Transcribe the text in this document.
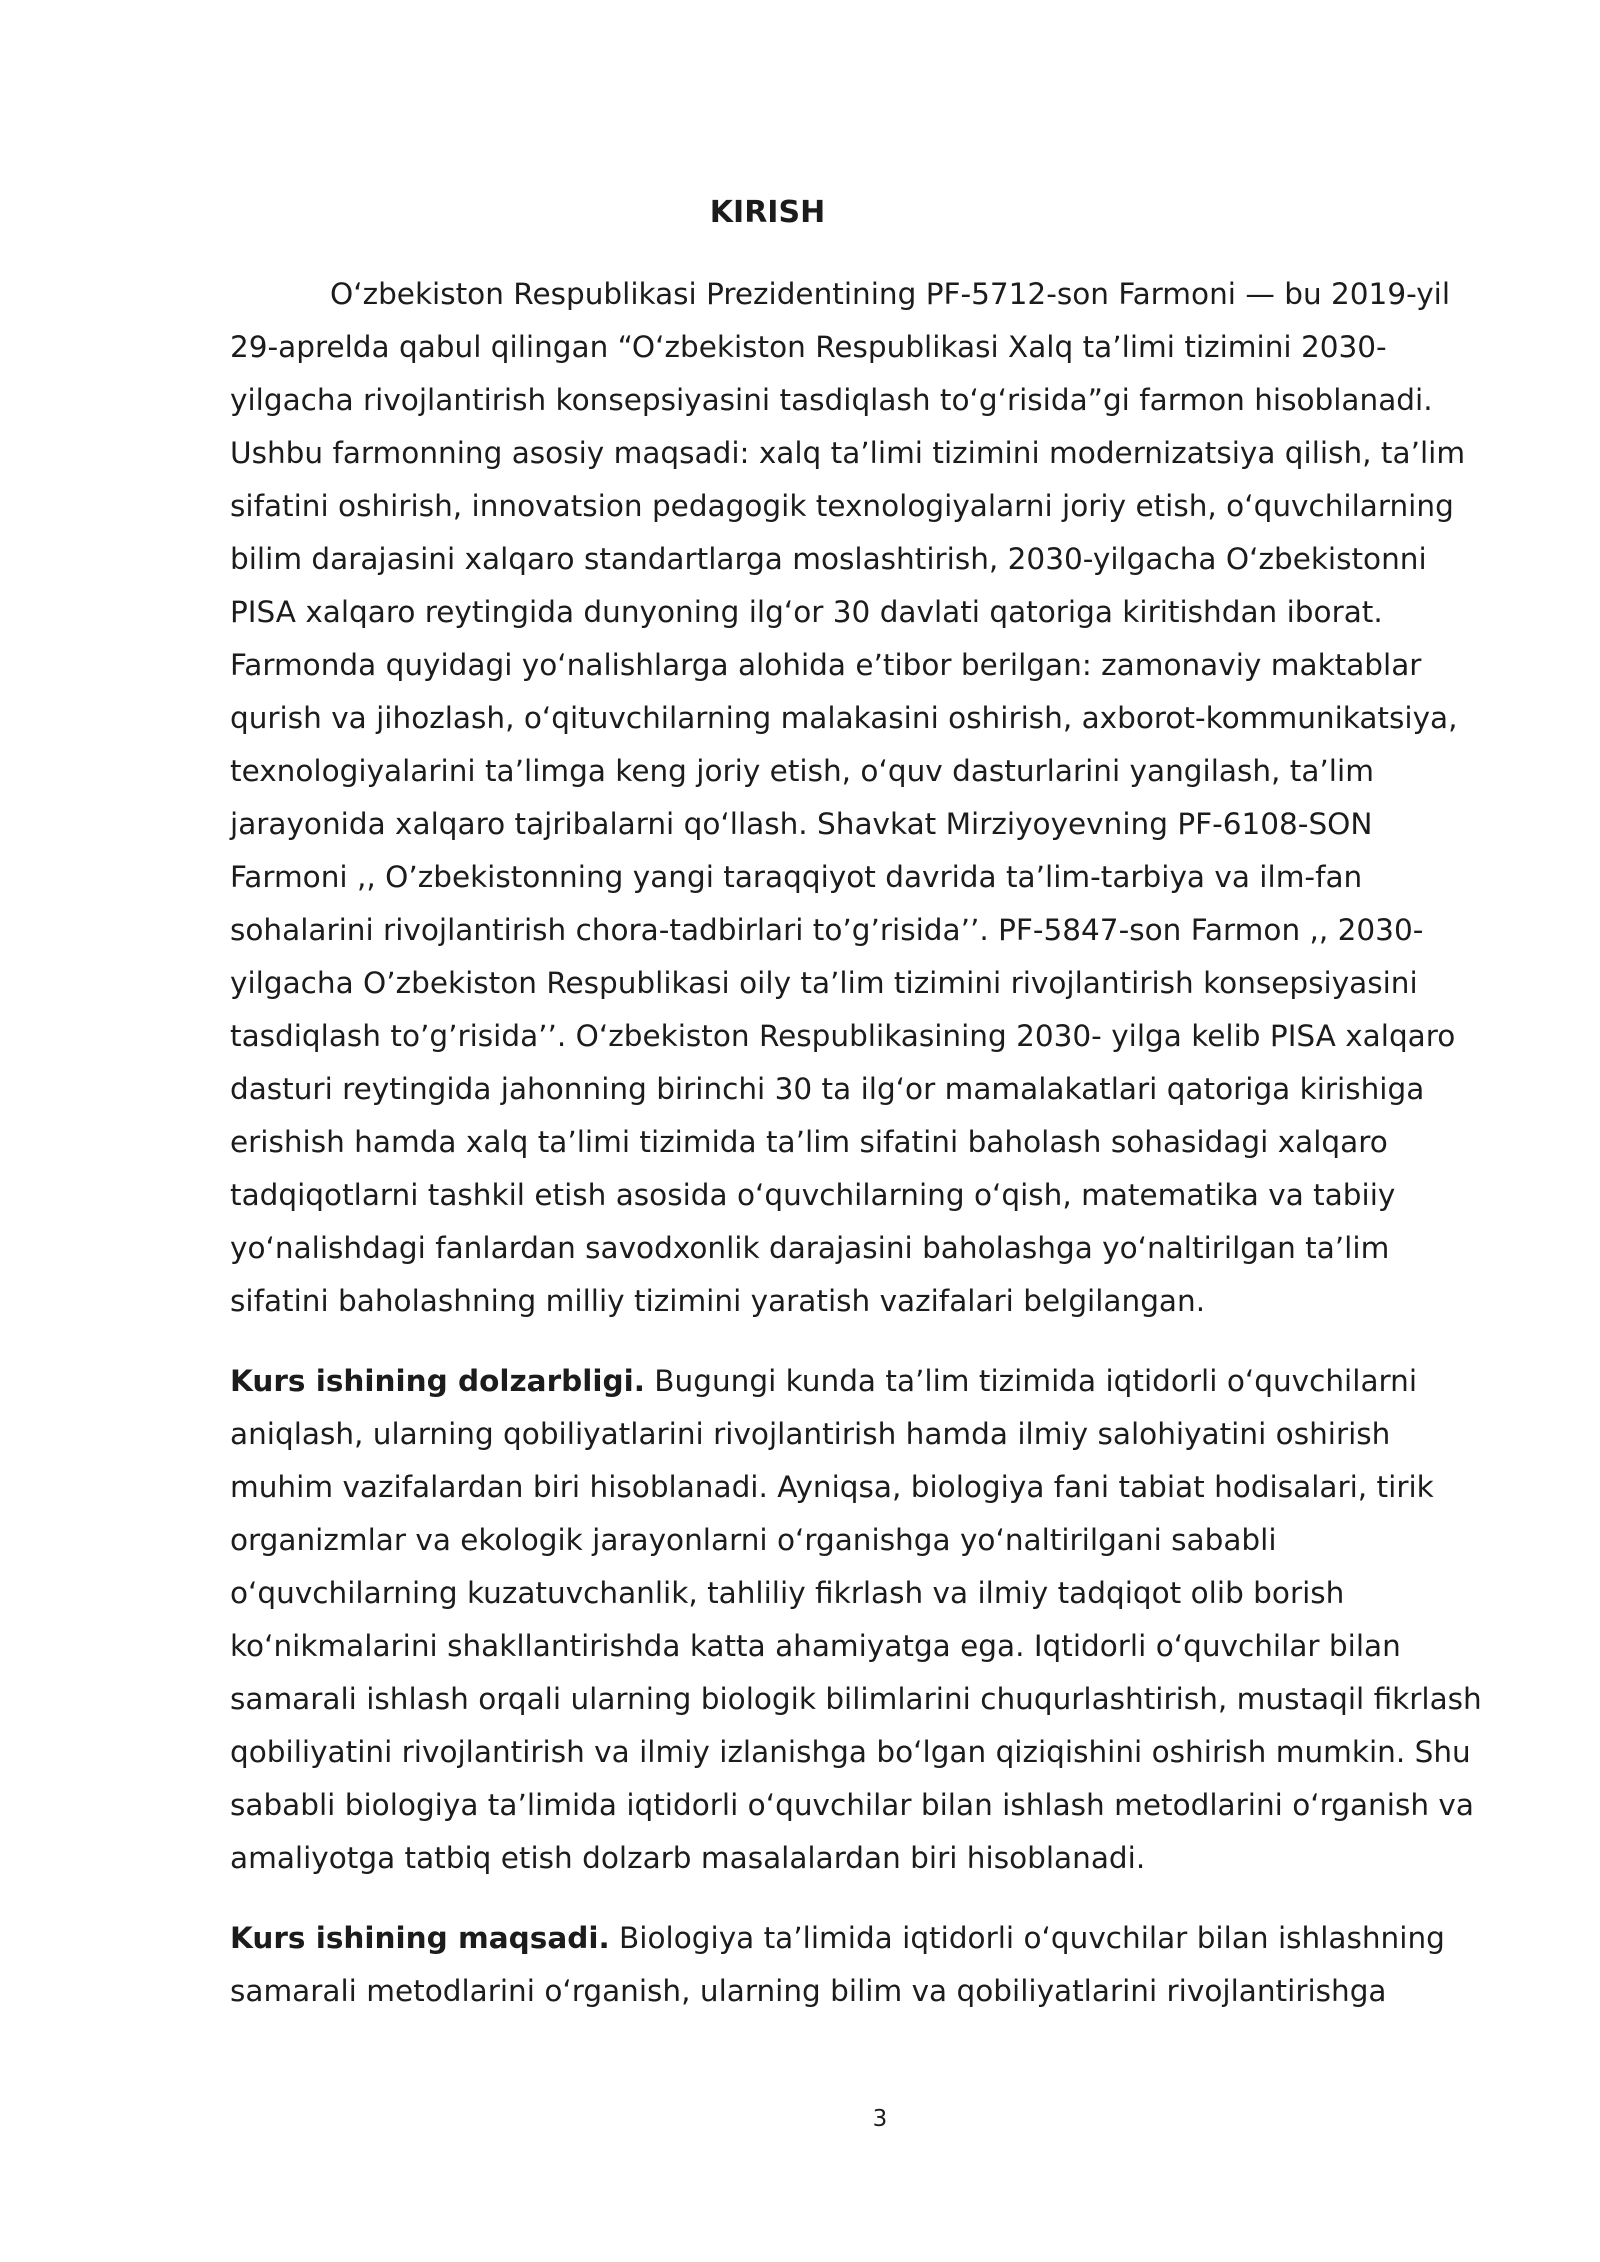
KIRISH

O‘zbekiston Respublikasi Prezidentining PF-5712-son Farmoni — bu 2019-yil
29-aprelda qabul qilingan “O‘zbekiston Respublikasi Xalq ta’limi tizimini 2030-
yilgacha rivojlantirish konsepsiyasini tasdiqlash to‘g‘risida”gi farmon hisoblanadi.
Ushbu farmonning asosiy maqsadi: xalq ta’limi tizimini modernizatsiya qilish, ta’lim
sifatini oshirish, innovatsion pedagogik texnologiyalarni joriy etish, o‘quvchilarning
bilim darajasini xalqaro standartlarga moslashtirish, 2030-yilgacha O‘zbekistonni
PISA xalqaro reytingida dunyoning ilg‘or 30 davlati qatoriga kiritishdan iborat.
Farmonda quyidagi yo‘nalishlarga alohida e’tibor berilgan: zamonaviy maktablar
qurish va jihozlash, o‘qituvchilarning malakasini oshirish, axborot-kommunikatsiya,
texnologiyalarini ta’limga keng joriy etish, o‘quv dasturlarini yangilash, ta’lim
jarayonida xalqaro tajribalarni qo‘llash. Shavkat Mirziyoyevning PF-6108-SON
Farmoni ,, O’zbekistonning yangi taraqqiyot davrida ta’lim-tarbiya va ilm-fan
sohalarini rivojlantirish chora-tadbirlari to’g’risida’’. PF-5847-son Farmon ,, 2030-
yilgacha O’zbekiston Respublikasi oily ta’lim tizimini rivojlantirish konsepsiyasini
tasdiqlash to’g’risida’’. O‘zbekiston Respublikasining 2030- yilga kelib PISA xalqaro
dasturi reytingida jahonning birinchi 30 ta ilg‘or mamalakatlari qatoriga kirishiga
erishish hamda xalq ta’limi tizimida ta’lim sifatini baholash sohasidagi xalqaro
tadqiqotlarni tashkil etish asosida o‘quvchilarning o‘qish, matematika va tabiiy
yo‘nalishdagi fanlardan savodxonlik darajasini baholashga yo‘naltirilgan ta’lim
sifatini baholashning milliy tizimini yaratish vazifalari belgilangan.

Kurs ishining dolzarbligi. Bugungi kunda ta’lim tizimida iqtidorli o‘quvchilarni
aniqlash, ularning qobiliyatlarini rivojlantirish hamda ilmiy salohiyatini oshirish
muhim vazifalardan biri hisoblanadi. Ayniqsa, biologiya fani tabiat hodisalari, tirik
organizmlar va ekologik jarayonlarni o‘rganishga yo‘naltirilgani sababli
o‘quvchilarning kuzatuvchanlik, tahliliy fikrlash va ilmiy tadqiqot olib borish
ko‘nikmalarini shakllantirishda katta ahamiyatga ega. Iqtidorli o‘quvchilar bilan
samarali ishlash orqali ularning biologik bilimlarini chuqurlashtirish, mustaqil fikrlash
qobiliyatini rivojlantirish va ilmiy izlanishga bo‘lgan qiziqishini oshirish mumkin. Shu
sababli biologiya ta’limida iqtidorli o‘quvchilar bilan ishlash metodlarini o‘rganish va
amaliyotga tatbiq etish dolzarb masalalardan biri hisoblanadi.

Kurs ishining maqsadi. Biologiya ta’limida iqtidorli o‘quvchilar bilan ishlashning
samarali metodlarini o‘rganish, ularning bilim va qobiliyatlarini rivojlantirishga

3
